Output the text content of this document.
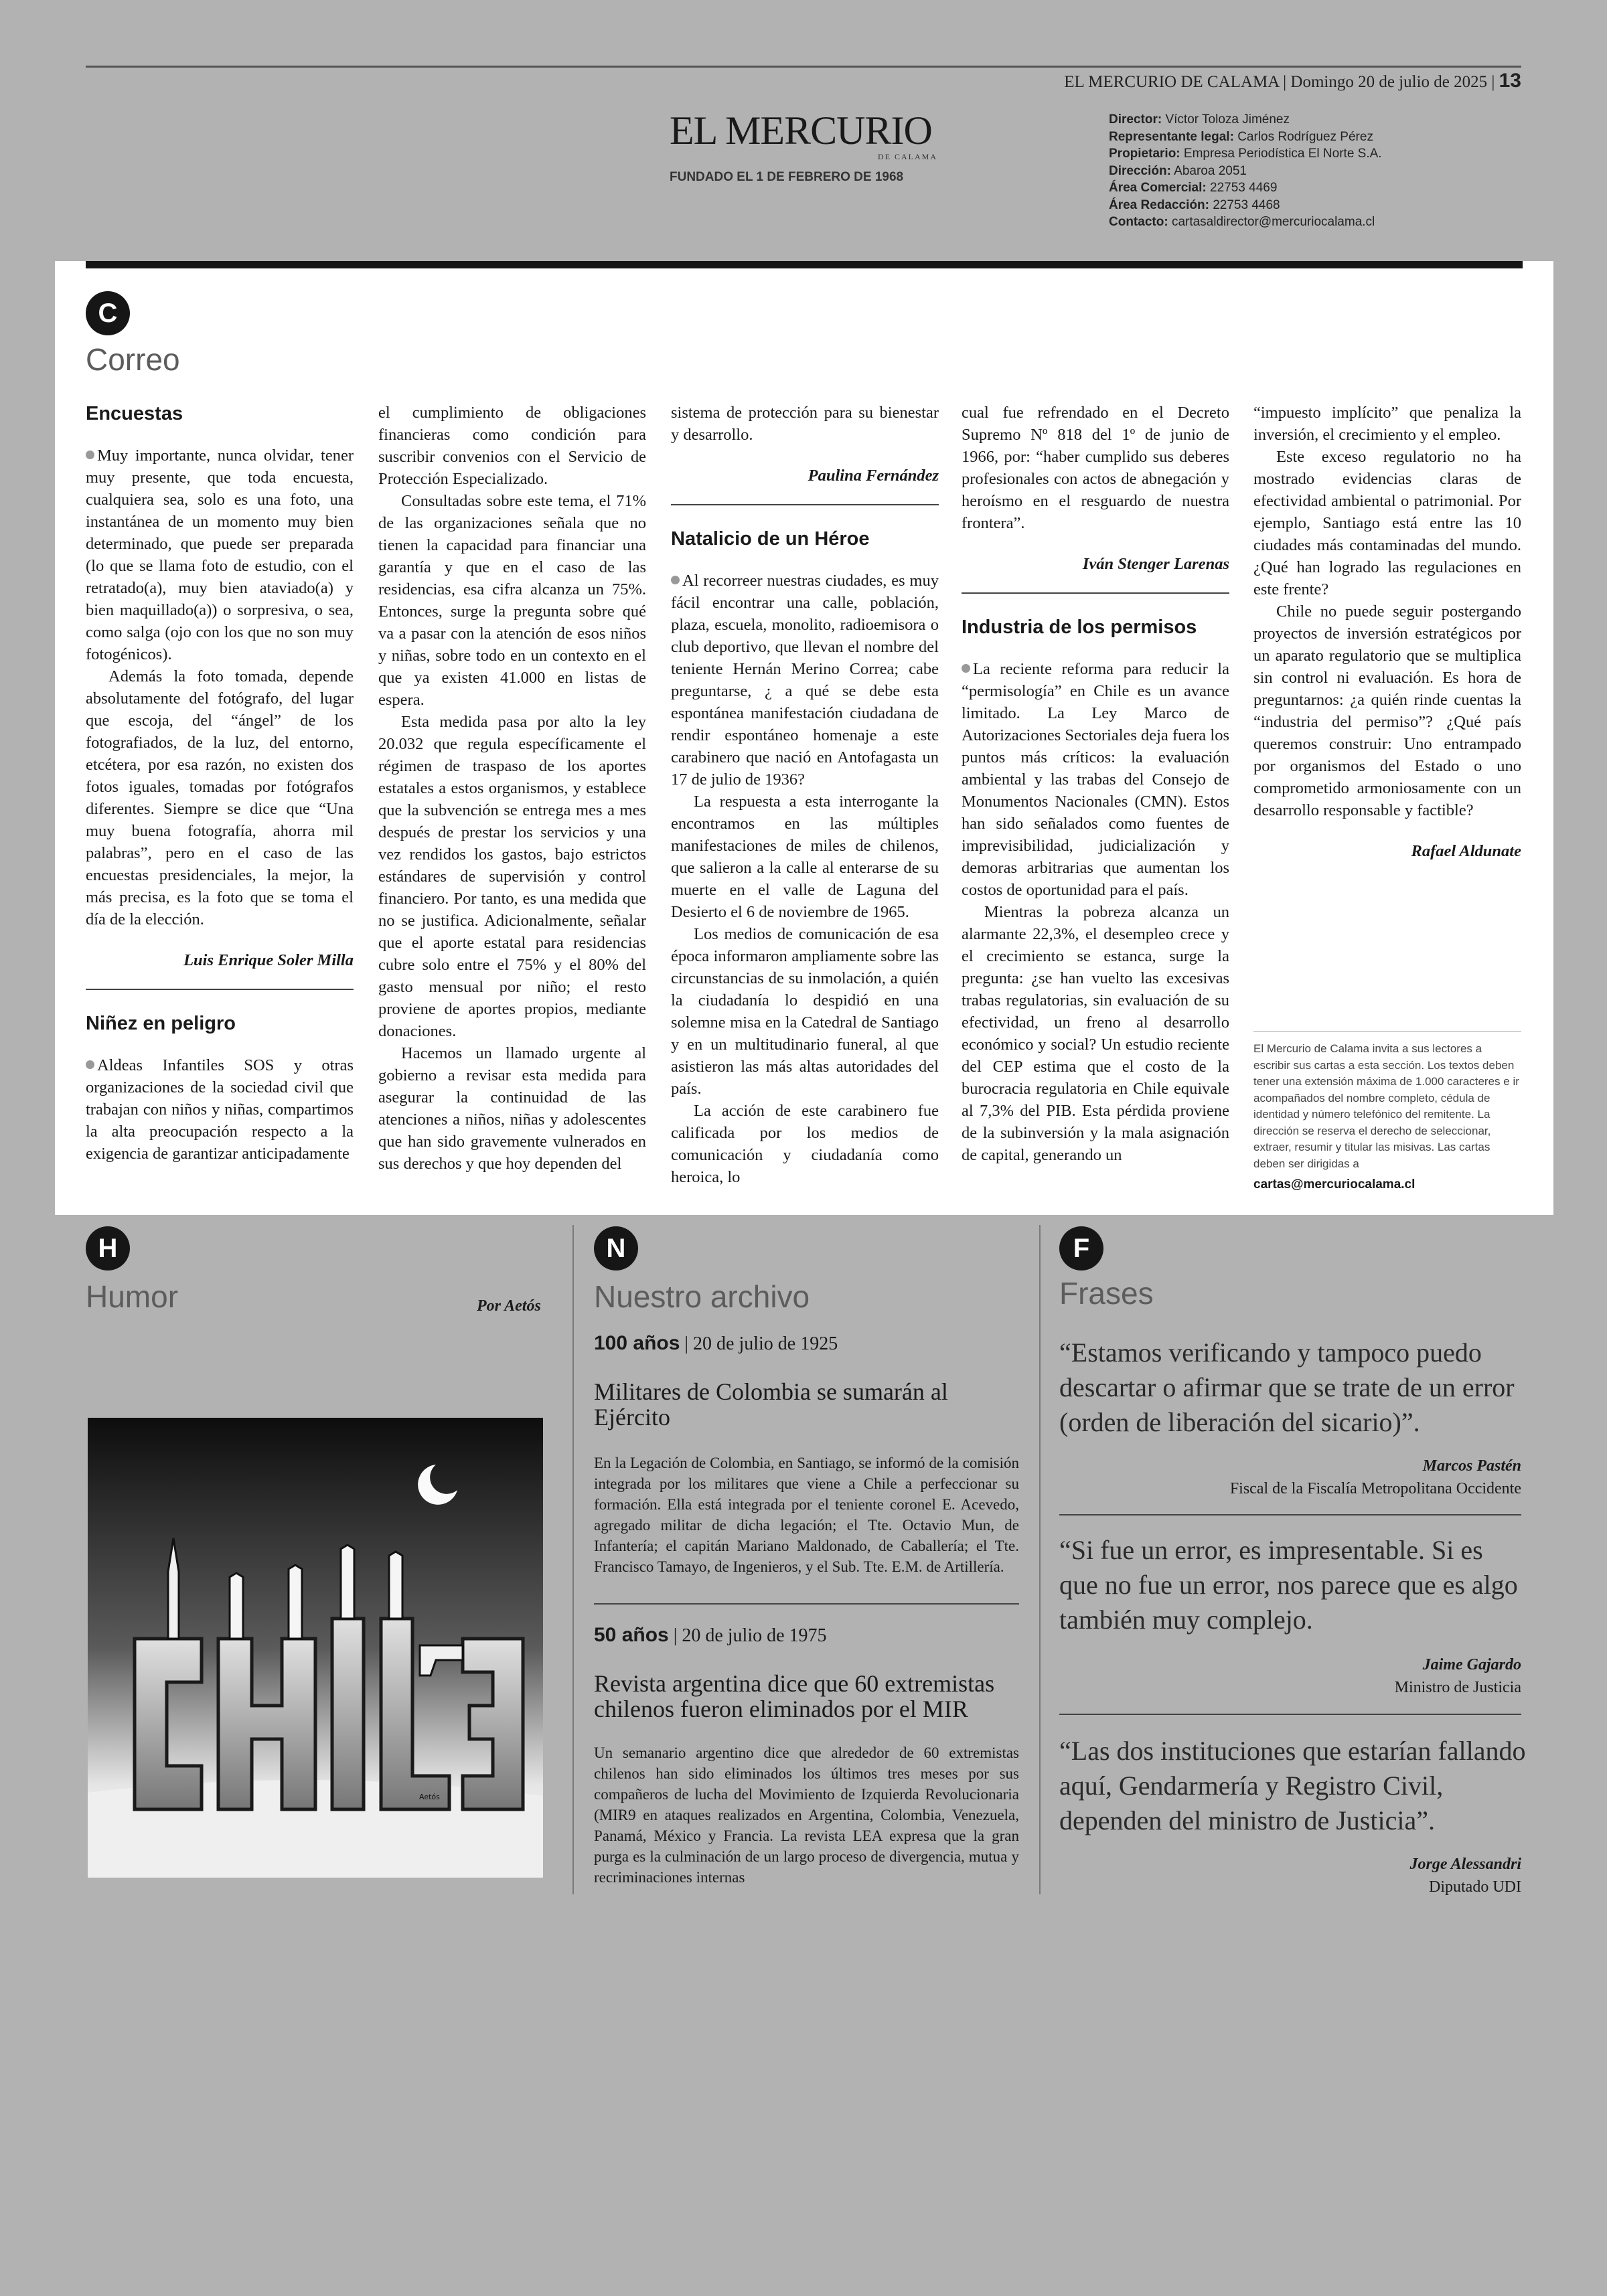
EL MERCURIO DE CALAMA | Domingo 20 de julio de 2025 | 13
EL MERCURIO
DE CALAMA
FUNDADO EL 1 DE FEBRERO DE 1968
Director: Víctor Toloza Jiménez
Representante legal: Carlos Rodríguez Pérez
Propietario: Empresa Periodística El Norte S.A.
Dirección: Abaroa 2051
Área Comercial: 22753 4469
Área Redacción: 22753 4468
Contacto: cartasaldirector@mercuriocalama.cl
C
Correo
Encuestas

Muy importante, nunca olvidar, tener muy presente, que toda encuesta, cualquiera sea, solo es una foto, una instantánea de un momento muy bien determinado, que puede ser preparada (lo que se llama foto de estudio, con el retratado(a), muy bien ataviado(a) y bien maquillado(a)) o sorpresiva, o sea, como salga (ojo con los que no son muy fotogénicos).

Además la foto tomada, depende absolutamente del fotógrafo, del lugar que escoja, del “ángel” de los fotografiados, de la luz, del entorno, etcétera, por esa razón, no existen dos fotos iguales, tomadas por fotógrafos diferentes. Siempre se dice que “Una muy buena fotografía, ahorra mil palabras”, pero en el caso de las encuestas presidenciales, la mejor, la más precisa, es la foto que se toma el día de la elección.

Luis Enrique Soler Milla

Niñez en peligro

Aldeas Infantiles SOS y otras organizaciones de la sociedad civil que trabajan con niños y niñas, compartimos la alta preocupación respecto a la exigencia de garantizar anticipadamente

el cumplimiento de obligaciones financieras como condición para suscribir convenios con el Servicio de Protección Especializado.

Consultadas sobre este tema, el 71% de las organizaciones señala que no tienen la capacidad para financiar una garantía y que en el caso de las residencias, esa cifra alcanza un 75%. Entonces, surge la pregunta sobre qué va a pasar con la atención de esos niños y niñas, sobre todo en un contexto en el que ya existen 41.000 en listas de espera.

Esta medida pasa por alto la ley 20.032 que regula específicamente el régimen de traspaso de los aportes estatales a estos organismos, y establece que la subvención se entrega mes a mes después de prestar los servicios y una vez rendidos los gastos, bajo estrictos estándares de supervisión y control financiero. Por tanto, es una medida que no se justifica. Adicionalmente, señalar que el aporte estatal para residencias cubre solo entre el 75% y el 80% del gasto mensual por niño; el resto proviene de aportes propios, mediante donaciones.

Hacemos un llamado urgente al gobierno a revisar esta medida para asegurar la continuidad de las atenciones a niños, niñas y adolescentes que han sido gravemente vulnerados en sus derechos y que hoy dependen del

sistema de protección para su bienestar y desarrollo.

Paulina Fernández

Natalicio de un Héroe

Al recorreer nuestras ciudades, es muy fácil encontrar una calle, población, plaza, escuela, monolito, radioemisora o club deportivo, que llevan el nombre del teniente Hernán Merino Correa; cabe preguntarse, ¿ a qué se debe esta espontánea manifestación ciudadana de rendir espontáneo homenaje a este carabinero que nació en Antofagasta un 17 de julio de 1936?

La respuesta a esta interrogante la encontramos en las múltiples manifestaciones de miles de chilenos, que salieron a la calle al enterarse de su muerte en el valle de Laguna del Desierto el 6 de noviembre de 1965.

Los medios de comunicación de esa época informaron ampliamente sobre las circunstancias de su inmolación, a quién la ciudadanía lo despidió en una solemne misa en la Catedral de Santiago y en un multitudinario funeral, al que asistieron las más altas autoridades del país.

La acción de este carabinero fue calificada por los medios de comunicación y ciudadanía como heroica, lo

cual fue refrendado en el Decreto Supremo Nº 818 del 1º de junio de 1966, por: “haber cumplido sus deberes profesionales con actos de abnegación y heroísmo en el resguardo de nuestra frontera”.

Iván Stenger Larenas

Industria de los permisos

La reciente reforma para reducir la “permisología” en Chile es un avance limitado. La Ley Marco de Autorizaciones Sectoriales deja fuera los puntos más críticos: la evaluación ambiental y las trabas del Consejo de Monumentos Nacionales (CMN). Estos han sido señalados como fuentes de imprevisibilidad, judicialización y demoras arbitrarias que aumentan los costos de oportunidad para el país.

Mientras la pobreza alcanza un alarmante 22,3%, el desempleo crece y el crecimiento se estanca, surge la pregunta: ¿se han vuelto las excesivas trabas regulatorias, sin evaluación de su efectividad, un freno al desarrollo económico y social? Un estudio reciente del CEP estima que el costo de la burocracia regulatoria en Chile equivale al 7,3% del PIB. Esta pérdida proviene de la subinversión y la mala asignación de capital, generando un

“impuesto implícito” que penaliza la inversión, el crecimiento y el empleo.

Este exceso regulatorio no ha mostrado evidencias claras de efectividad ambiental o patrimonial. Por ejemplo, Santiago está entre las 10 ciudades más contaminadas del mundo. ¿Qué han logrado las regulaciones en este frente?

Chile no puede seguir postergando proyectos de inversión estratégicos por un aparato regulatorio que se multiplica sin control ni evaluación. Es hora de preguntarnos: ¿a quién rinde cuentas la “industria del permiso”? ¿Qué país queremos construir: Uno entrampado por organismos del Estado o uno comprometido armoniosamente con un desarrollo responsable y factible?

Rafael Aldunate

El Mercurio de Calama invita a sus lectores a escribir sus cartas a esta sección. Los textos deben tener una extensión máxima de 1.000 caracteres e ir acompañados del nombre completo, cédula de identidad y número telefónico del remitente. La dirección se reserva el derecho de seleccionar, extraer, resumir y titular las misivas. Las cartas deben ser dirigidas a
cartas@mercuriocalama.cl
H
Humor	Por Aetós
Aetós
N
Nuestro archivo
100 años | 20 de julio de 1925
Militares de Colombia se sumarán al Ejército
En la Legación de Colombia, en Santiago, se informó de la comisión integrada por los militares que viene a Chile a perfeccionar su formación. Ella está integrada por el teniente coronel E. Acevedo, agregado militar de dicha legación; el Tte. Octavio Mun, de Infantería; el capitán Mariano Maldonado, de Caballería; el Tte. Francisco Tamayo, de Ingenieros, y el Sub. Tte. E.M. de Artillería.
50 años | 20 de julio de 1975
Revista argentina dice que 60 extremistas chilenos fueron eliminados por el MIR
Un semanario argentino dice que alrededor de 60 extremistas chilenos han sido eliminados los últimos tres meses por sus compañeros de lucha del Movimiento de Izquierda Revolucionaria (MIR9 en ataques realizados en Argentina, Colombia, Venezuela, Panamá, México y Francia. La revista LEA expresa que la gran purga es la culminación de un largo proceso de divergencia, mutua y recriminaciones internas
F
Frases
“Estamos verificando y tampoco puedo descartar o afirmar que se trate de un error (orden de liberación del sicario)”.
Marcos Pastén
Fiscal de la Fiscalía Metropolitana Occidente
“Si fue un error, es impresentable. Si es que no fue un error, nos parece que es algo también muy complejo.
Jaime Gajardo
Ministro de Justicia
“Las dos instituciones que estarían fallando aquí, Gendarmería y Registro Civil, dependen del ministro de Justicia”.
Jorge Alessandri
Diputado UDI
